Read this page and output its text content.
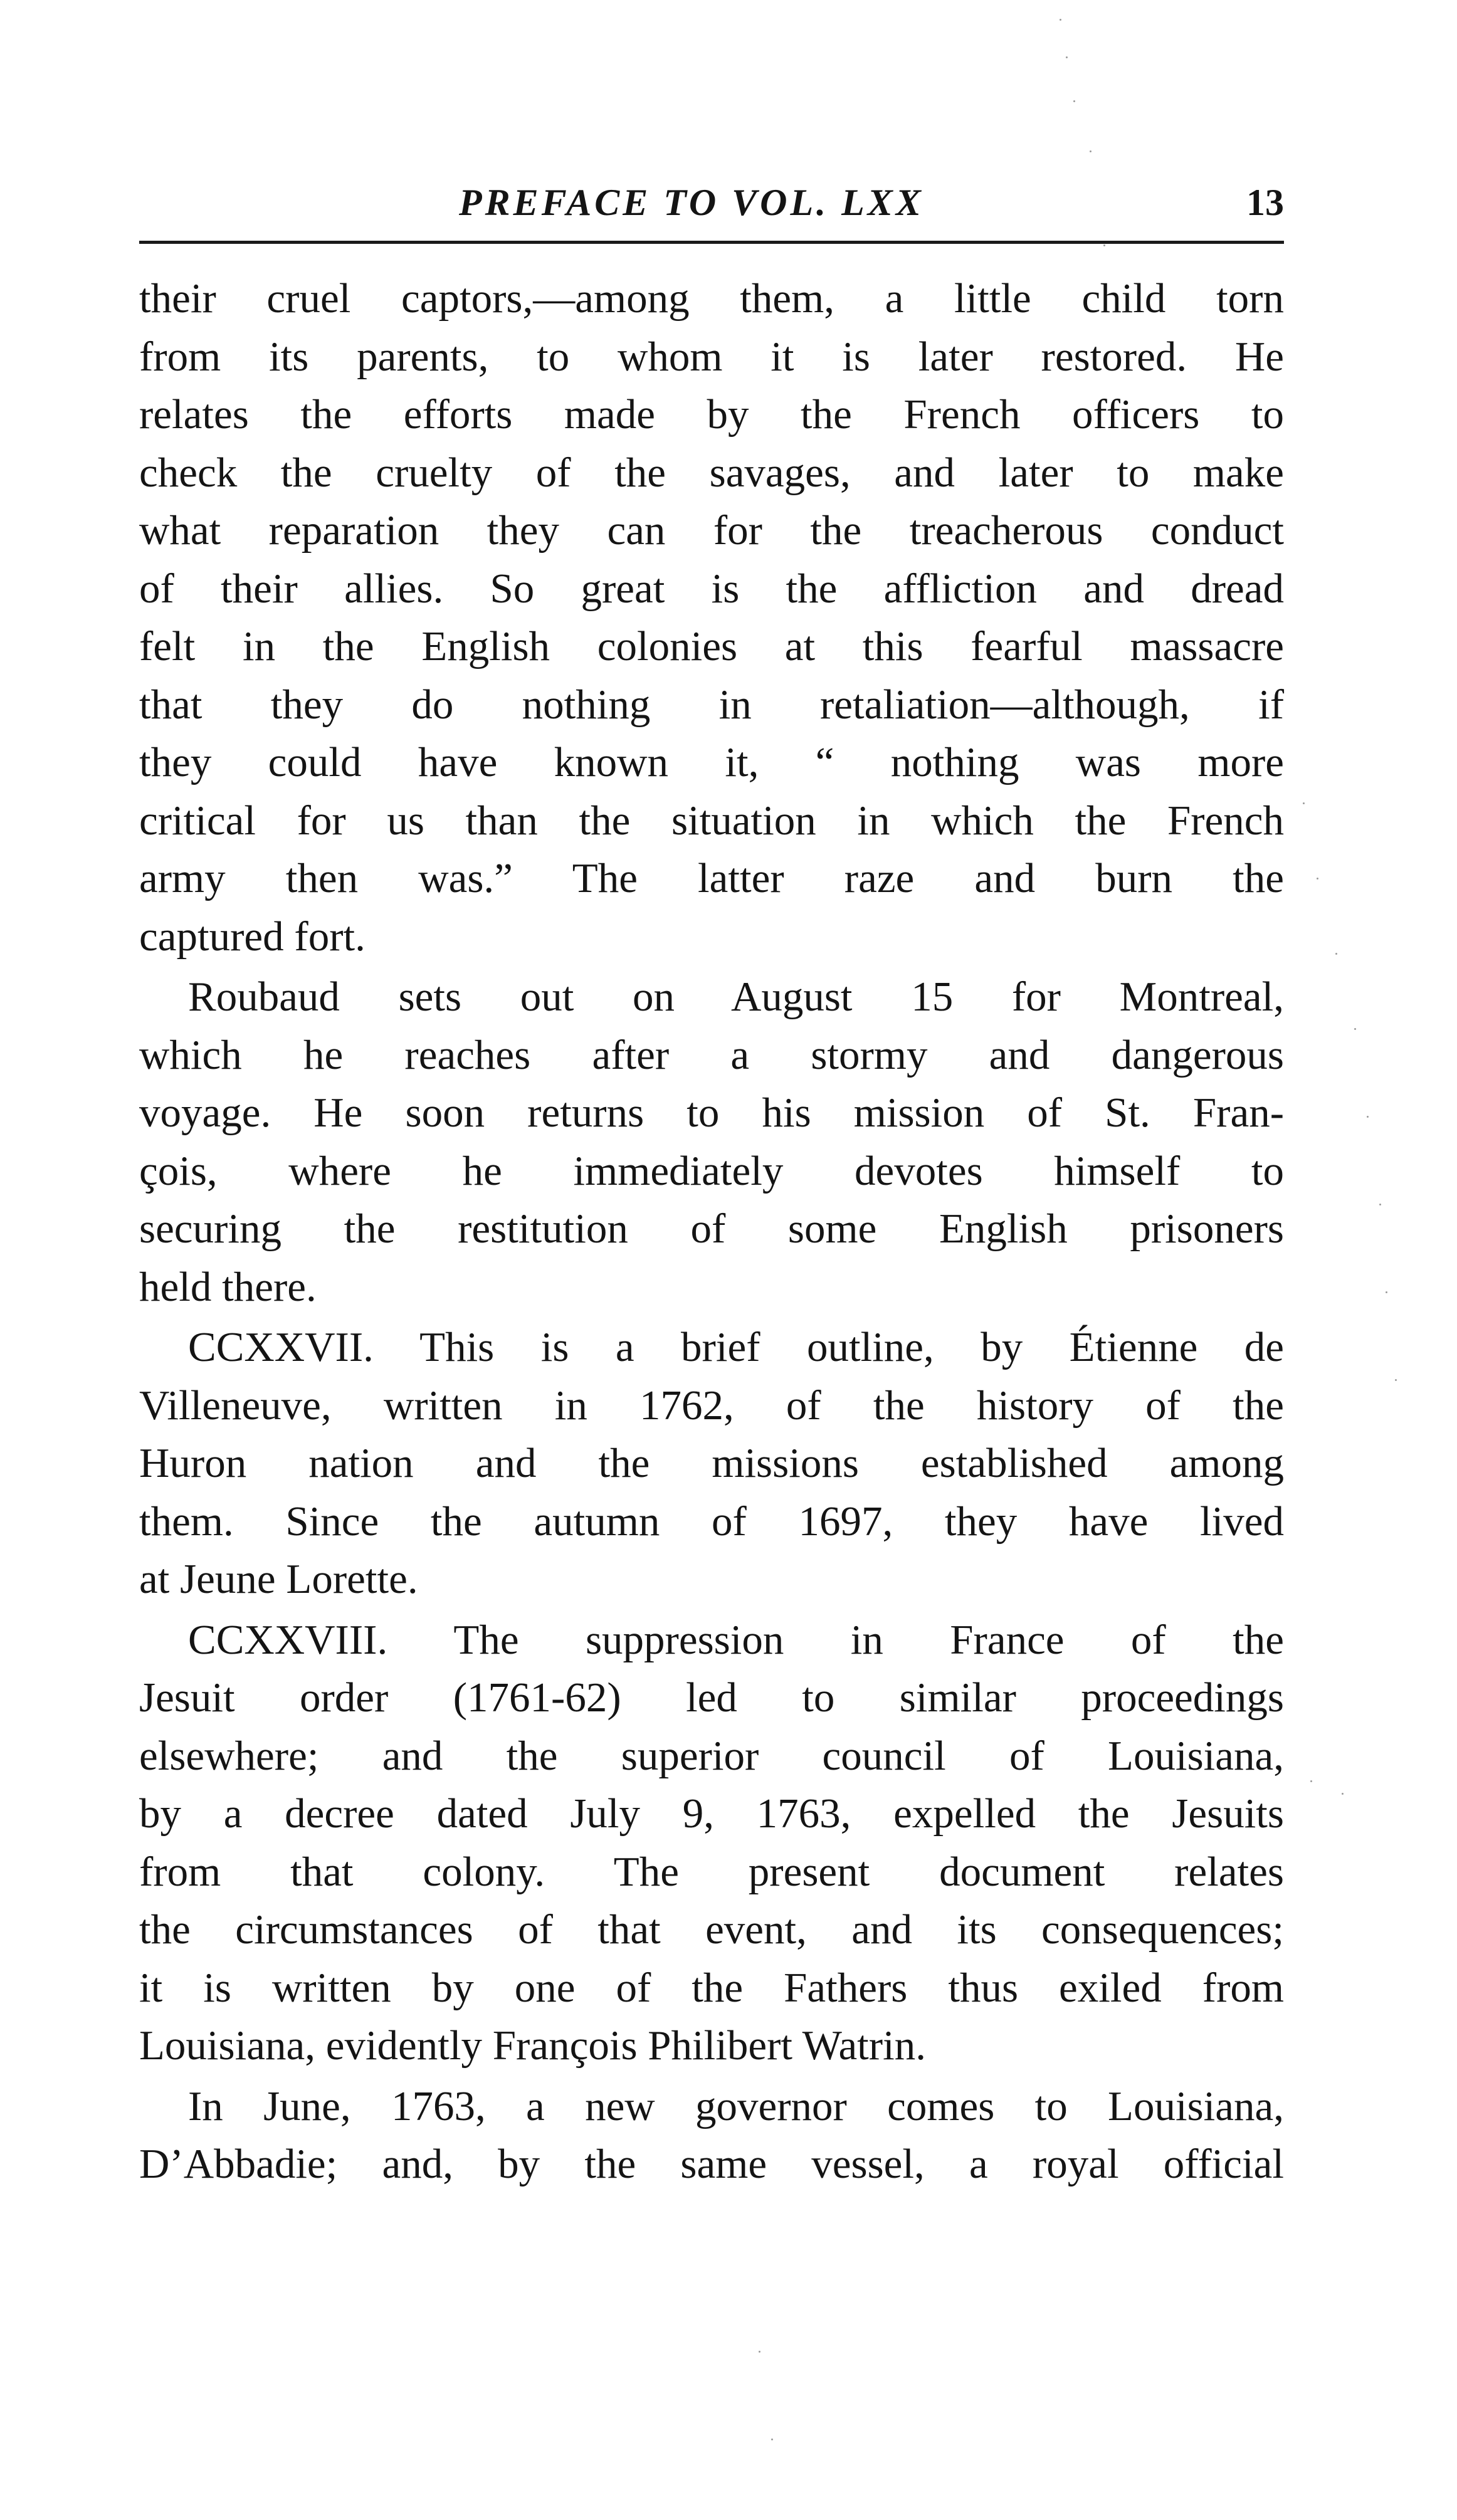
PREFACE TO VOL. LXX	13
their cruel captors,—among them, a little child torn
from its parents, to whom it is later restored. He
relates the efforts made by the French officers to
check the cruelty of the savages, and later to make
what reparation they can for the treacherous conduct
of their allies. So great is the affliction and dread
felt in the English colonies at this fearful massacre
that they do nothing in retaliation—although, if
they could have known it, “ nothing was more
critical for us than the situation in which the French
army then was.” The latter raze and burn the
captured fort.
Roubaud sets out on August 15 for Montreal,
which he reaches after a stormy and dangerous
voyage. He soon returns to his mission of St. Fran-
çois, where he immediately devotes himself to
securing the restitution of some English prisoners
held there.
CCXXVII. This is a brief outline, by Étienne de
Villeneuve, written in 1762, of the history of the
Huron nation and the missions established among
them. Since the autumn of 1697, they have lived
at Jeune Lorette.
CCXXVIII. The suppression in France of the
Jesuit order (1761-62) led to similar proceedings
elsewhere; and the superior council of Louisiana,
by a decree dated July 9, 1763, expelled the Jesuits
from that colony. The present document relates
the circumstances of that event, and its consequences;
it is written by one of the Fathers thus exiled from
Louisiana, evidently François Philibert Watrin.
In June, 1763, a new governor comes to Louisiana,
D’Abbadie; and, by the same vessel, a royal official
